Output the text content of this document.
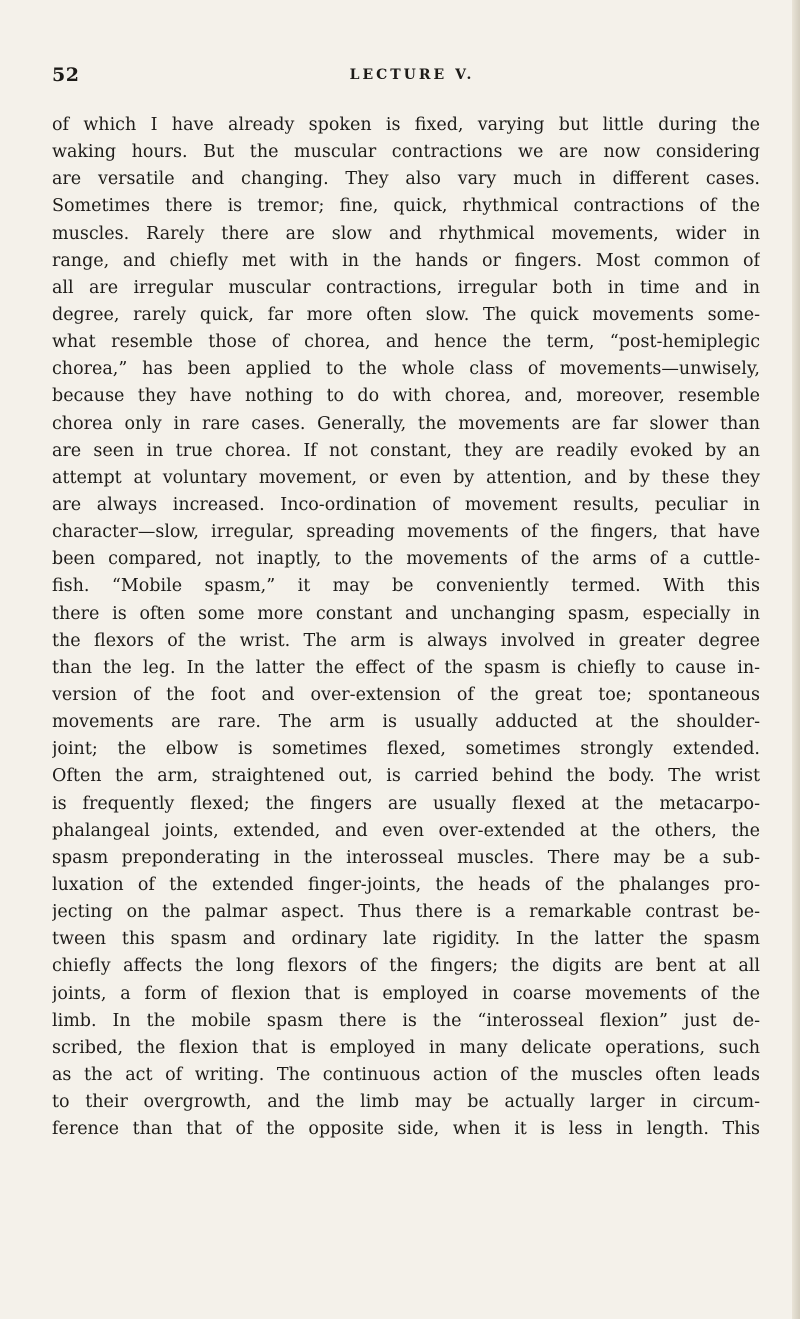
52	LECTURE V.
of which I have already spoken is fixed, varying but little during the
waking hours. But the muscular contractions we are now considering
are versatile and changing. They also vary much in different cases.
Sometimes there is tremor; fine, quick, rhythmical contractions of the
muscles. Rarely there are slow and rhythmical movements, wider in
range, and chiefly met with in the hands or fingers. Most common of
all are irregular muscular contractions, irregular both in time and in
degree, rarely quick, far more often slow. The quick movements some-
what resemble those of chorea, and hence the term, “post-hemiplegic
chorea,” has been applied to the whole class of movements—unwisely,
because they have nothing to do with chorea, and, moreover, resemble
chorea only in rare cases. Generally, the movements are far slower than
are seen in true chorea. If not constant, they are readily evoked by an
attempt at voluntary movement, or even by attention, and by these they
are always increased. Inco-ordination of movement results, peculiar in
character—slow, irregular, spreading movements of the fingers, that have
been compared, not inaptly, to the movements of the arms of a cuttle-
fish. “Mobile spasm,” it may be conveniently termed. With this
there is often some more constant and unchanging spasm, especially in
the flexors of the wrist. The arm is always involved in greater degree
than the leg. In the latter the effect of the spasm is chiefly to cause in-
version of the foot and over-extension of the great toe; spontaneous
movements are rare. The arm is usually adducted at the shoulder-
joint; the elbow is sometimes flexed, sometimes strongly extended.
Often the arm, straightened out, is carried behind the body. The wrist
is frequently flexed; the fingers are usually flexed at the metacarpo-
phalangeal joints, extended, and even over-extended at the others, the
spasm preponderating in the interosseal muscles. There may be a sub-
luxation of the extended finger-joints, the heads of the phalanges pro-
jecting on the palmar aspect. Thus there is a remarkable contrast be-
tween this spasm and ordinary late rigidity. In the latter the spasm
chiefly affects the long flexors of the fingers; the digits are bent at all
joints, a form of flexion that is employed in coarse movements of the
limb. In the mobile spasm there is the “interosseal flexion” just de-
scribed, the flexion that is employed in many delicate operations, such
as the act of writing. The continuous action of the muscles often leads
to their overgrowth, and the limb may be actually larger in circum-
ference than that of the opposite side, when it is less in length. This
